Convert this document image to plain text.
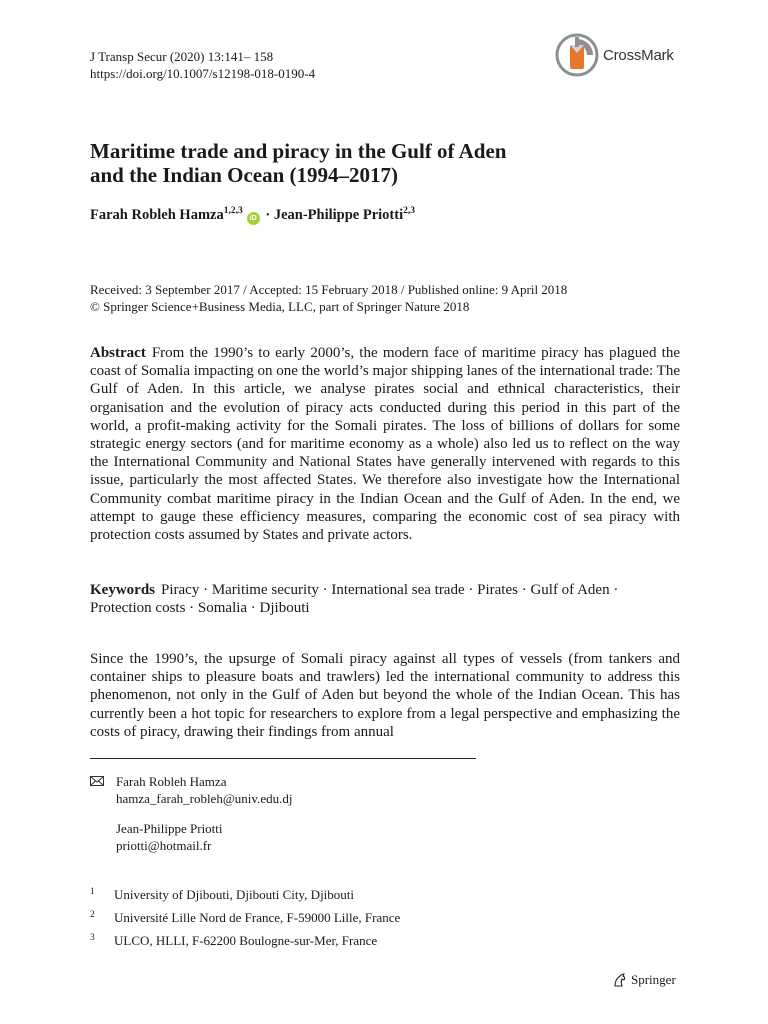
J Transp Secur (2020) 13:141– 158
https://doi.org/10.1007/s12198-018-0190-4
CrossMark
Maritime trade and piracy in the Gulf of Aden
and the Indian Ocean (1994–2017)
Farah Robleh Hamza$^{1,2,3}$iD · Jean-Philippe Priotti$^{2,3}$
Received: 3 September 2017 / Accepted: 15 February 2018 / Published online: 9 April 2018
© Springer Science+Business Media, LLC, part of Springer Nature 2018
Abstract From the 1990’s to early 2000’s, the modern face of maritime piracy has plagued the coast of Somalia impacting on one the world’s major shipping lanes of the international trade: The Gulf of Aden. In this article, we analyse pirates social and ethnical characteristics, their organisation and the evolution of piracy acts conducted during this period in this part of the world, a profit-making activity for the Somali pirates. The loss of billions of dollars for some strategic energy sectors (and for maritime economy as a whole) also led us to reflect on the way the International Community and National States have generally intervened with regards to this issue, particularly the most affected States. We therefore also investigate how the International Community combat maritime piracy in the Indian Ocean and the Gulf of Aden. In the end, we attempt to gauge these efficiency measures, comparing the economic cost of sea piracy with protection costs assumed by States and private actors.
Keywords Piracy · Maritime security · International sea trade · Pirates · Gulf of Aden · Protection costs · Somalia · Djibouti
Since the 1990’s, the upsurge of Somali piracy against all types of vessels (from tankers and container ships to pleasure boats and trawlers) led the international community to address this phenomenon, not only in the Gulf of Aden but beyond the whole of the Indian Ocean. This has currently been a hot topic for researchers to explore from a legal perspective and emphasizing the costs of piracy, drawing their findings from annual
Farah Robleh Hamza
hamza_farah_robleh@univ.edu.dj
Jean-Philippe Priotti
priotti@hotmail.fr
1 University of Djibouti, Djibouti City, Djibouti
2 Université Lille Nord de France, F-59000 Lille, France
3 ULCO, HLLI, F-62200 Boulogne-sur-Mer, France
Springer
